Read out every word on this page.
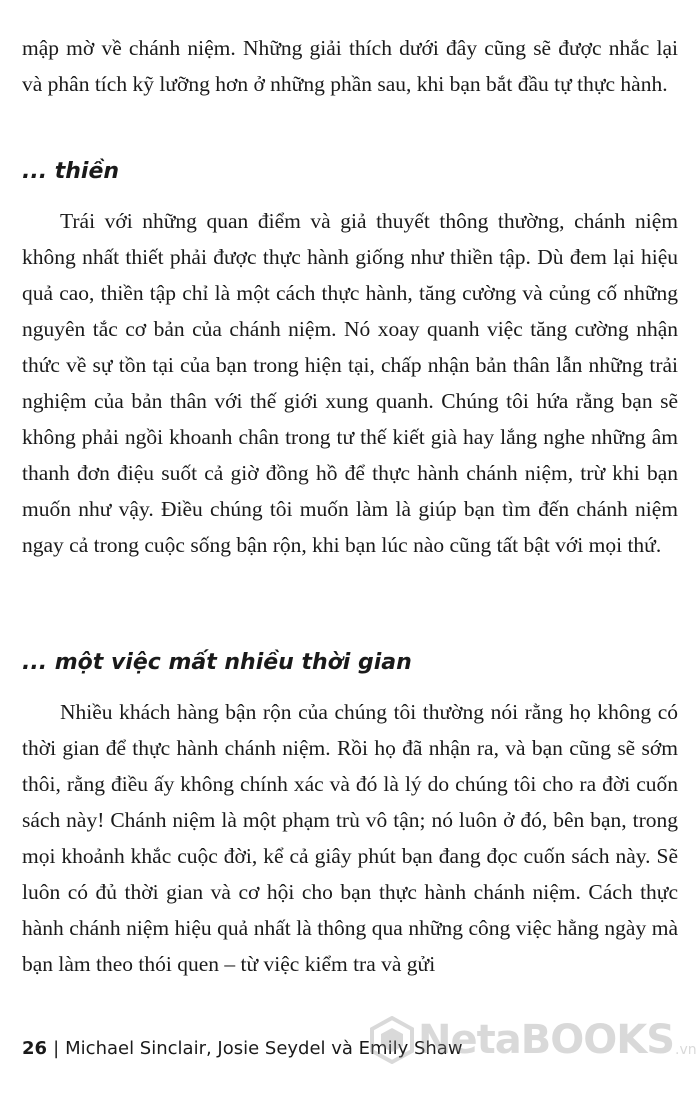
mập mờ về chánh niệm. Những giải thích dưới đây cũng sẽ được nhắc lại và phân tích kỹ lưỡng hơn ở những phần sau, khi bạn bắt đầu tự thực hành.

... thiền

Trái với những quan điểm và giả thuyết thông thường, chánh niệm không nhất thiết phải được thực hành giống như thiền tập. Dù đem lại hiệu quả cao, thiền tập chỉ là một cách thực hành, tăng cường và củng cố những nguyên tắc cơ bản của chánh niệm. Nó xoay quanh việc tăng cường nhận thức về sự tồn tại của bạn trong hiện tại, chấp nhận bản thân lẫn những trải nghiệm của bản thân với thế giới xung quanh. Chúng tôi hứa rằng bạn sẽ không phải ngồi khoanh chân trong tư thế kiết già hay lắng nghe những âm thanh đơn điệu suốt cả giờ đồng hồ để thực hành chánh niệm, trừ khi bạn muốn như vậy. Điều chúng tôi muốn làm là giúp bạn tìm đến chánh niệm ngay cả trong cuộc sống bận rộn, khi bạn lúc nào cũng tất bật với mọi thứ.

... một việc mất nhiều thời gian

Nhiều khách hàng bận rộn của chúng tôi thường nói rằng họ không có thời gian để thực hành chánh niệm. Rồi họ đã nhận ra, và bạn cũng sẽ sớm thôi, rằng điều ấy không chính xác và đó là lý do chúng tôi cho ra đời cuốn sách này! Chánh niệm là một phạm trù vô tận; nó luôn ở đó, bên bạn, trong mọi khoảnh khắc cuộc đời, kể cả giây phút bạn đang đọc cuốn sách này. Sẽ luôn có đủ thời gian và cơ hội cho bạn thực hành chánh niệm. Cách thực hành chánh niệm hiệu quả nhất là thông qua những công việc hằng ngày mà bạn làm theo thói quen – từ việc kiểm tra và gửi

26 | Michael Sinclair, Josie Seydel và Emily Shaw
NetaBOOKS .vn
